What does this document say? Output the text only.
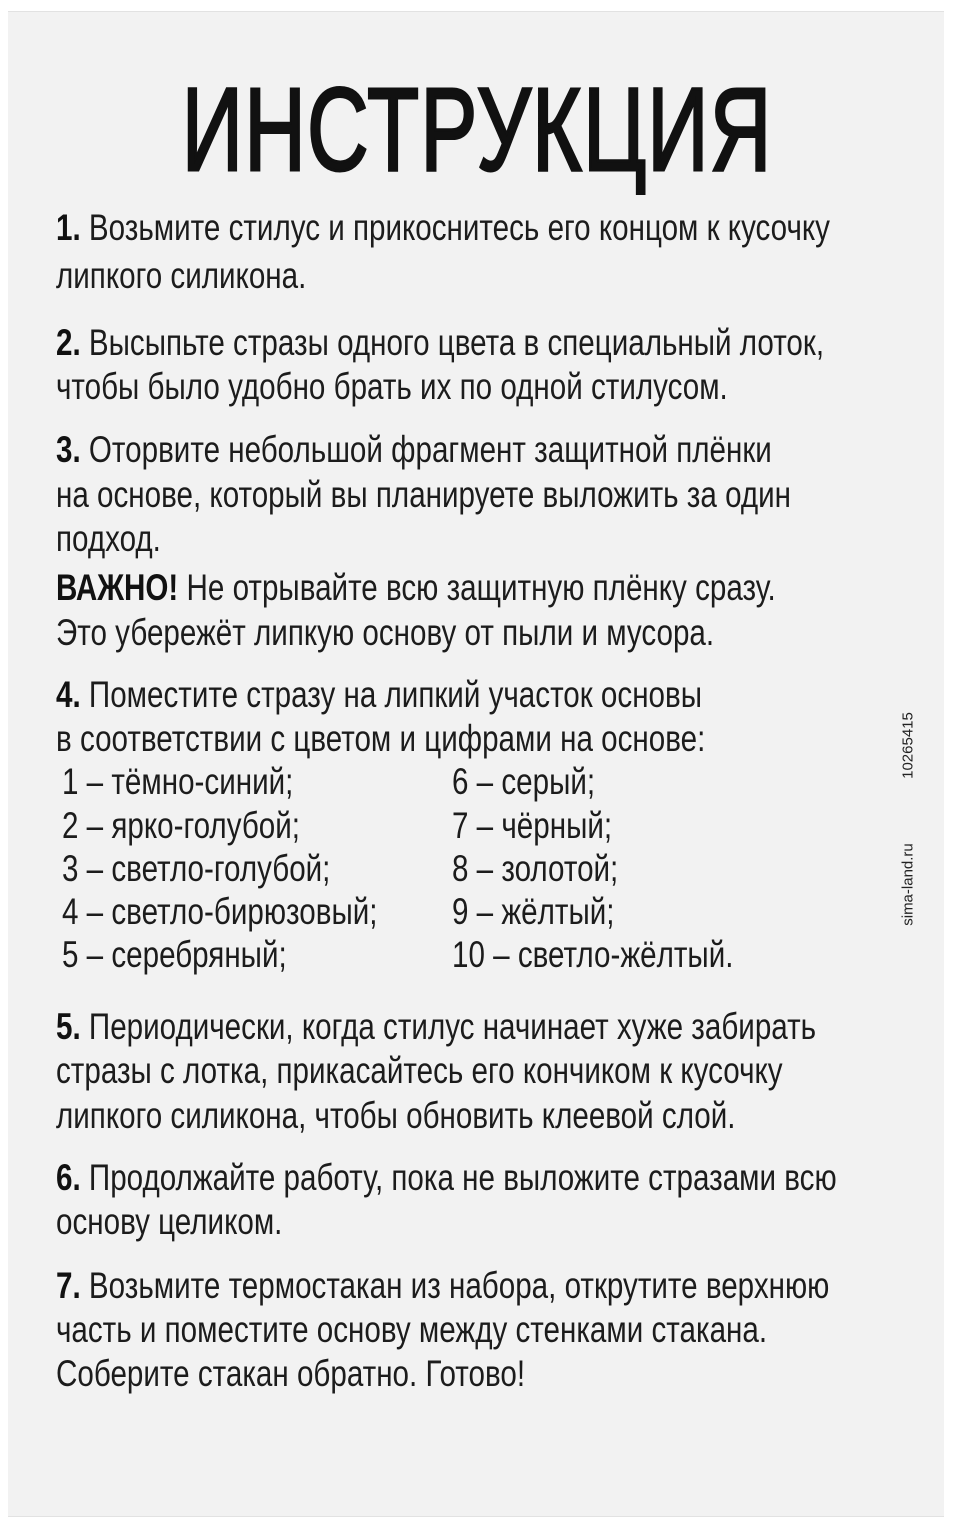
ИНСТРУКЦИЯ
1. Возьмите стилус и прикоснитесь его концом к кусочку
липкого силикона.
2. Высыпьте стразы одного цвета в специальный лоток,
чтобы было удобно брать их по одной стилусом.
3. Оторвите небольшой фрагмент защитной плёнки
на основе, который вы планируете выложить за один
подход.
ВАЖНО! Не отрывайте всю защитную плёнку сразу.
Это убережёт липкую основу от пыли и мусора.
4. Поместите стразу на липкий участок основы
в соответствии с цветом и цифрами на основе:
1 – тёмно-синий;
2 – ярко-голубой;
3 – светло-голубой;
4 – светло-бирюзовый;
5 – серебряный;
6 – серый;
7 – чёрный;
8 – золотой;
9 – жёлтый;
10 – светло-жёлтый.
5. Периодически, когда стилус начинает хуже забирать
стразы с лотка, прикасайтесь его кончиком к кусочку
липкого силикона, чтобы обновить клеевой слой.
6. Продолжайте работу, пока не выложите стразами всю
основу целиком.
7. Возьмите термостакан из набора, открутите верхнюю
часть и поместите основу между стенками стакана.
Соберите стакан обратно. Готово!
10265415
sima-land.ru
